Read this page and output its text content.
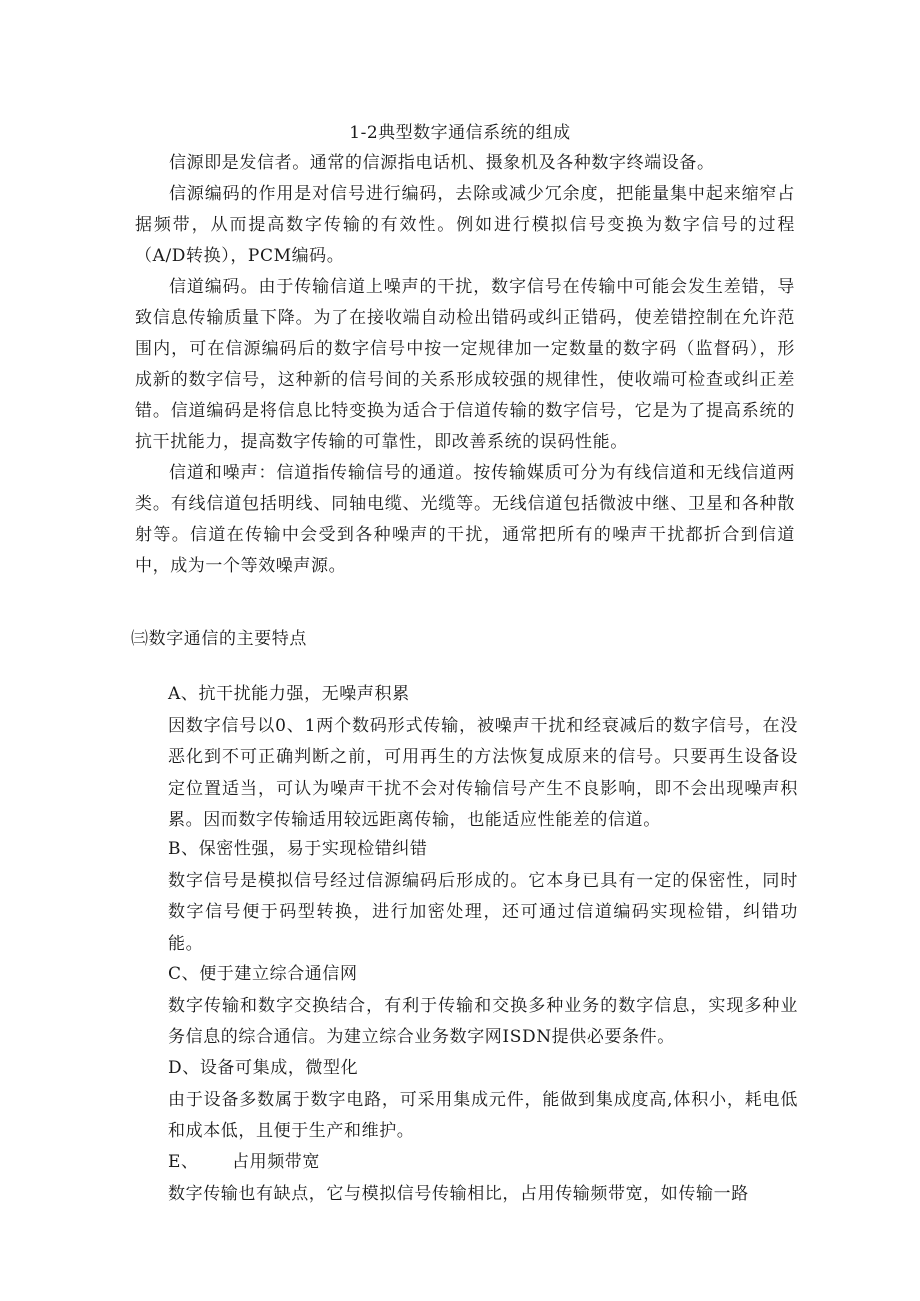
1-2典型数字通信系统的组成

信源即是发信者。通常的信源指电话机、摄象机及各种数字终端设备。

信源编码的作用是对信号进行编码，去除或减少冗余度，把能量集中起来缩窄占据频带，从而提高数字传输的有效性。例如进行模拟信号变换为数字信号的过程（A/D转换），PCM编码。

信道编码。由于传输信道上噪声的干扰，数字信号在传输中可能会发生差错，导致信息传输质量下降。为了在接收端自动检出错码或纠正错码，使差错控制在允许范围内，可在信源编码后的数字信号中按一定规律加一定数量的数字码（监督码），形成新的数字信号，这种新的信号间的关系形成较强的规律性，使收端可检查或纠正差错。信道编码是将信息比特变换为适合于信道传输的数字信号，它是为了提高系统的抗干扰能力，提高数字传输的可靠性，即改善系统的误码性能。

信道和噪声：信道指传输信号的通道。按传输媒质可分为有线信道和无线信道两类。有线信道包括明线、同轴电缆、光缆等。无线信道包括微波中继、卫星和各种散射等。信道在传输中会受到各种噪声的干扰，通常把所有的噪声干扰都折合到信道中，成为一个等效噪声源。

㈢数字通信的主要特点
A、抗干扰能力强，无噪声积累
因数字信号以0、1两个数码形式传输，被噪声干扰和经衰减后的数字信号，在没恶化到不可正确判断之前，可用再生的方法恢复成原来的信号。只要再生设备设定位置适当，可认为噪声干扰不会对传输信号产生不良影响，即不会出现噪声积累。因而数字传输适用较远距离传输，也能适应性能差的信道。
B、保密性强，易于实现检错纠错
数字信号是模拟信号经过信源编码后形成的。它本身已具有一定的保密性，同时数字信号便于码型转换，进行加密处理，还可通过信道编码实现检错，纠错功能。
C、便于建立综合通信网
数字传输和数字交换结合，有利于传输和交换多种业务的数字信息，实现多种业务信息的综合通信。为建立综合业务数字网ISDN提供必要条件。
D、设备可集成，微型化
由于设备多数属于数字电路，可采用集成元件，能做到集成度高,体积小，耗电低和成本低，且便于生产和维护。
E、 占用频带宽
数字传输也有缺点，它与模拟信号传输相比，占用传输频带宽，如传输一路
